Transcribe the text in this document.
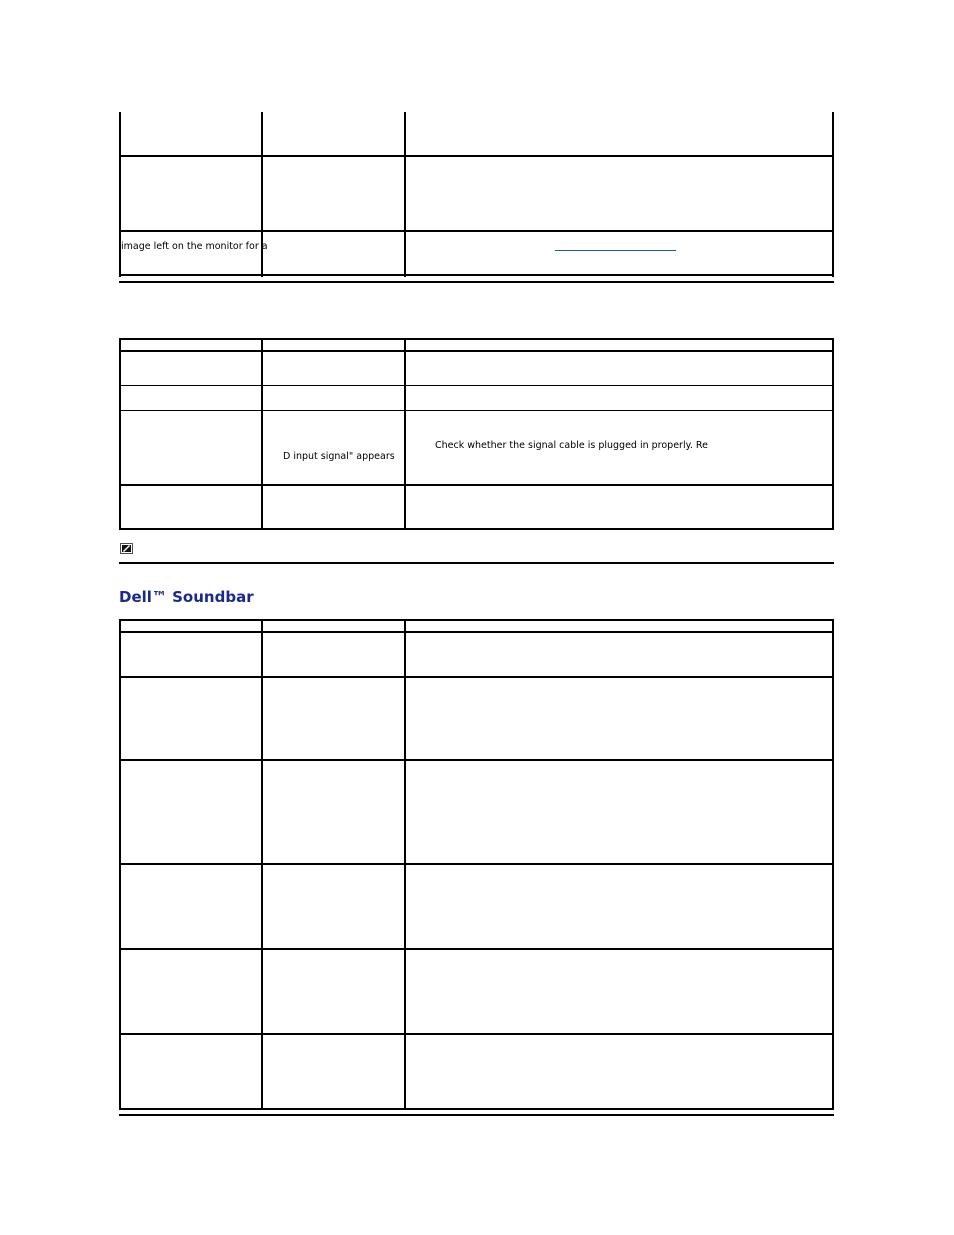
image left on the monitor for a
D input signal" appears
Check whether the signal cable is plugged in properly. Re
Dell™ Soundbar
